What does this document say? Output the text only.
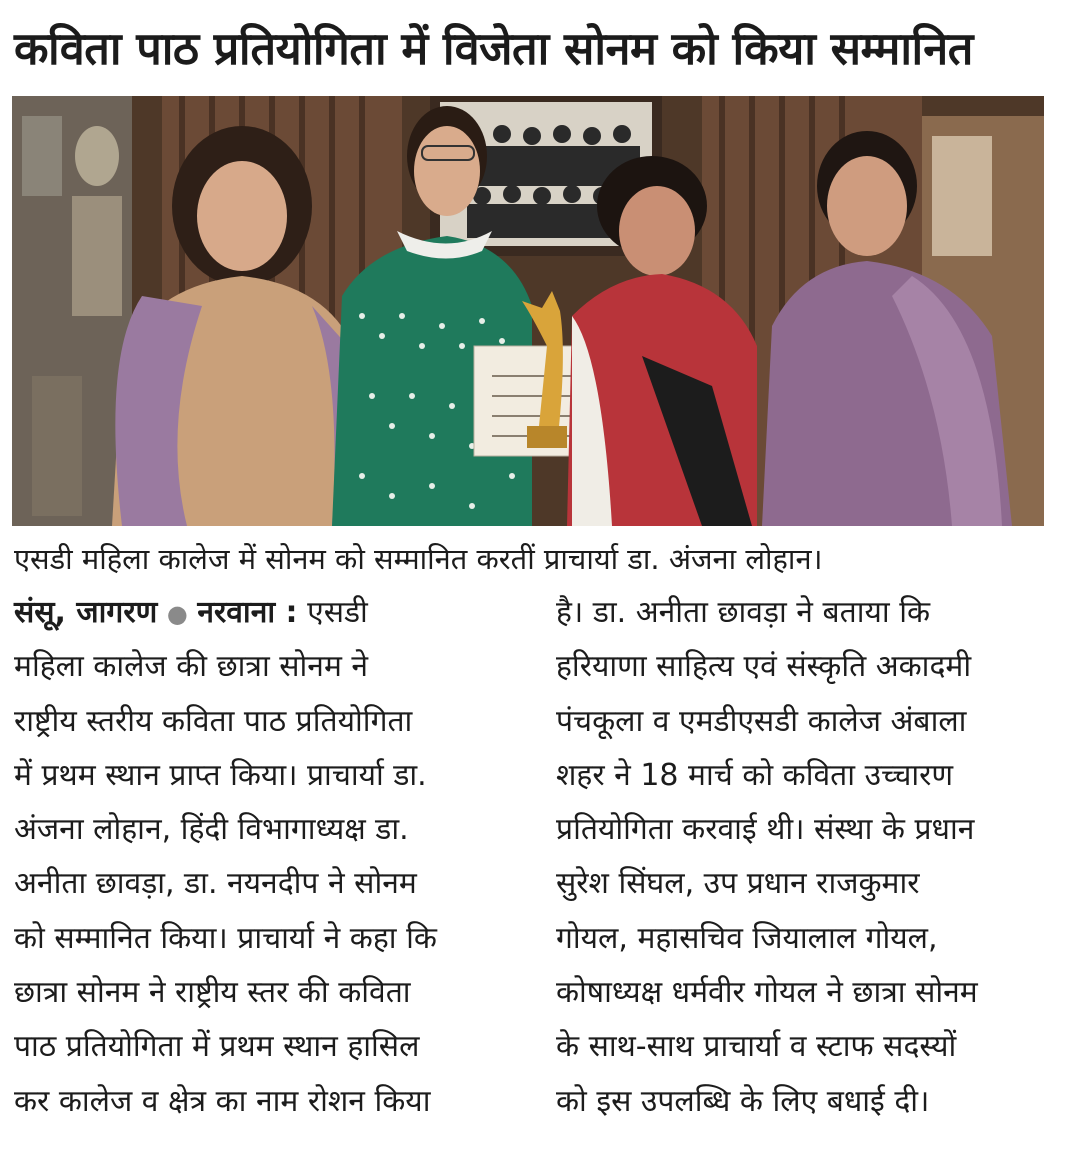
कविता पाठ प्रतियोगिता में विजेता सोनम को किया सम्मानित
एसडी महिला कालेज में सोनम को सम्मानित करतीं प्राचार्या डा. अंजना लोहान।
संसू, जागरण ● नरवाना : एसडी
महिला कालेज की छात्रा सोनम ने
राष्ट्रीय स्तरीय कविता पाठ प्रतियोगिता
में प्रथम स्थान प्राप्त किया। प्राचार्या डा.
अंजना लोहान, हिंदी विभागाध्यक्ष डा.
अनीता छावड़ा, डा. नयनदीप ने सोनम
को सम्मानित किया। प्राचार्या ने कहा कि
छात्रा सोनम ने राष्ट्रीय स्तर की कविता
पाठ प्रतियोगिता में प्रथम स्थान हासिल
कर कालेज व क्षेत्र का नाम रोशन किया
है। डा. अनीता छावड़ा ने बताया कि
हरियाणा साहित्य एवं संस्कृति अकादमी
पंचकूला व एमडीएसडी कालेज अंबाला
शहर ने 18 मार्च को कविता उच्चारण
प्रतियोगिता करवाई थी। संस्था के प्रधान
सुरेश सिंघल, उप प्रधान राजकुमार
गोयल, महासचिव जियालाल गोयल,
कोषाध्यक्ष धर्मवीर गोयल ने छात्रा सोनम
के साथ-साथ प्राचार्या व स्टाफ सदस्यों
को इस उपलब्धि के लिए बधाई दी।
